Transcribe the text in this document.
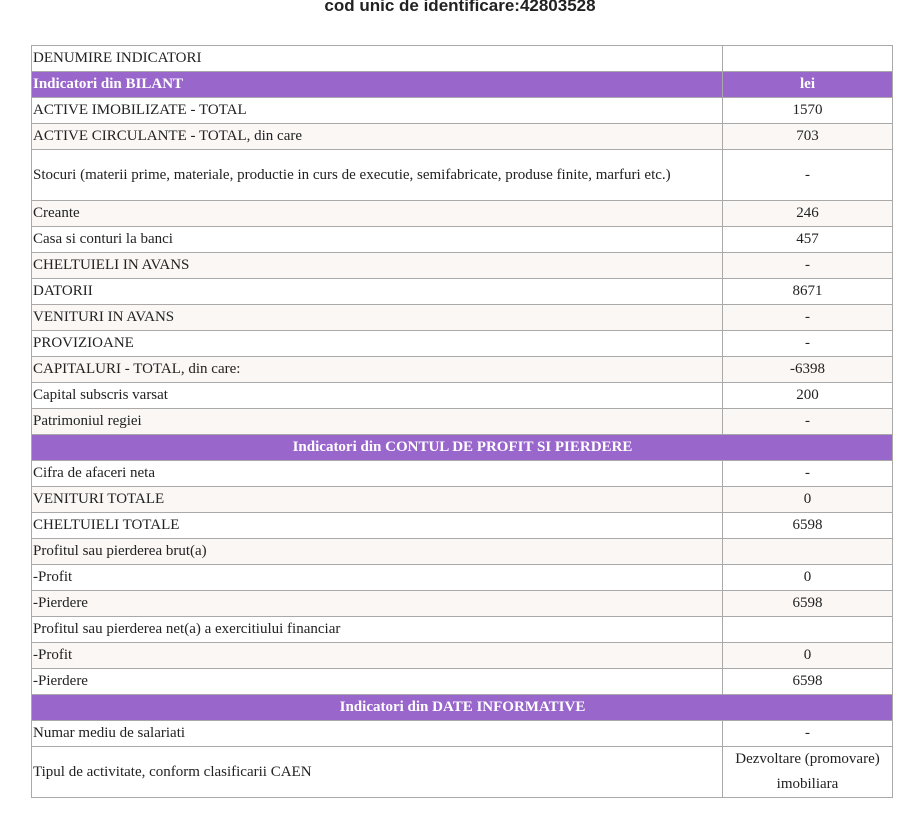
cod unic de identificare:42803528
DENUMIRE INDICATORI	
Indicatori din BILANT	lei
ACTIVE IMOBILIZATE - TOTAL	1570
ACTIVE CIRCULANTE - TOTAL, din care	703
Stocuri (materii prime, materiale, productie in curs de executie, semifabricate, produse finite, marfuri etc.)	-
Creante	246
Casa si conturi la banci	457
CHELTUIELI IN AVANS	-
DATORII	8671
VENITURI IN AVANS	-
PROVIZIOANE	-
CAPITALURI - TOTAL, din care:	-6398
Capital subscris varsat	200
Patrimoniul regiei	-
Indicatori din CONTUL DE PROFIT SI PIERDERE	
Cifra de afaceri neta	-
VENITURI TOTALE	0
CHELTUIELI TOTALE	6598
Profitul sau pierderea brut(a)	
-Profit	0
-Pierdere	6598
Profitul sau pierderea net(a) a exercitiului financiar	
-Profit	0
-Pierdere	6598
Indicatori din DATE INFORMATIVE	
Numar mediu de salariati	-
Tipul de activitate, conform clasificarii CAEN	Dezvoltare (promovare) imobiliara
